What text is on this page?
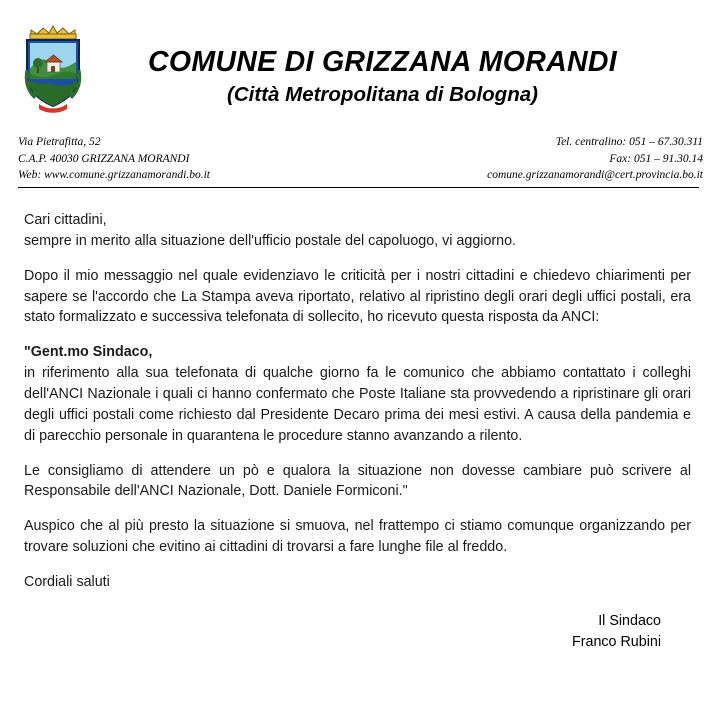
COMUNE DI GRIZZANA MORANDI
(Città Metropolitana di Bologna)
Via Pietrafitta, 52
C.A.P. 40030 GRIZZANA MORANDI
Web: www.comune.grizzanamorandi.bo.it
Tel. centralino: 051 – 67.30.311
Fax: 051 – 91.30.14
comune.grizzanamorandi@cert.provincia.bo.it

Cari cittadini,

sempre in merito alla situazione dell'ufficio postale del capoluogo, vi aggiorno.

Dopo il mio messaggio nel quale evidenziavo le criticità per i nostri cittadini e chiedevo chiarimenti per sapere se l'accordo che La Stampa aveva riportato, relativo al ripristino degli orari degli uffici postali, era stato formalizzato e successiva telefonata di sollecito, ho ricevuto questa risposta da ANCI:

"Gent.mo Sindaco,

in riferimento alla sua telefonata di qualche giorno fa le comunico che abbiamo contattato i colleghi dell'ANCI Nazionale i quali ci hanno confermato che Poste Italiane sta provvedendo a ripristinare gli orari degli uffici postali come richiesto dal Presidente Decaro prima dei mesi estivi. A causa della pandemia e di parecchio personale in quarantena le procedure stanno avanzando a rilento.

Le consigliamo di attendere un pò e qualora la situazione non dovesse cambiare può scrivere al Responsabile dell'ANCI Nazionale, Dott. Daniele Formiconi."

Auspico che al più presto la situazione si smuova, nel frattempo ci stiamo comunque organizzando per trovare soluzioni che evitino ai cittadini di trovarsi a fare lunghe file al freddo.

Cordiali saluti

Il Sindaco
Franco Rubini
